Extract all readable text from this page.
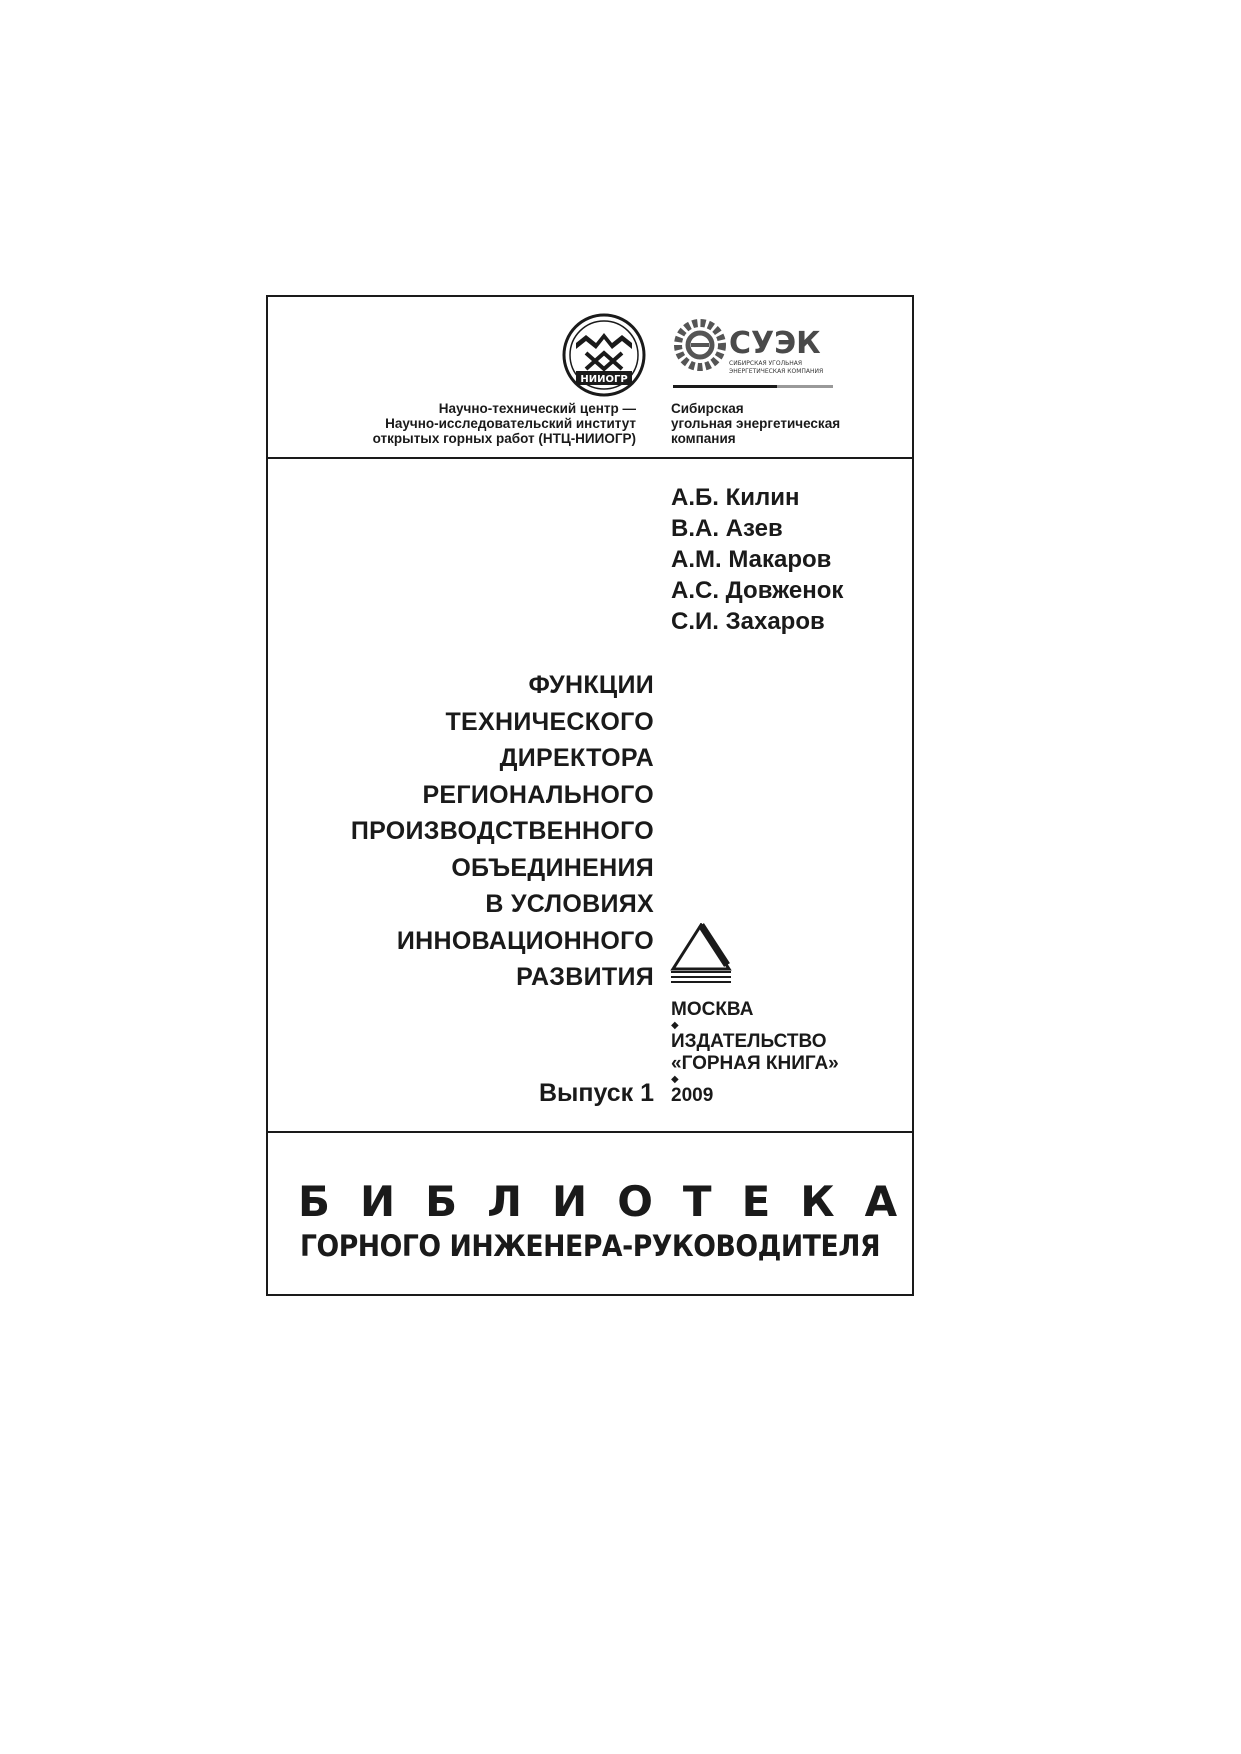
НИИОГР
СУЭК
СИБИРСКАЯ УГОЛЬНАЯ
ЭНЕРГЕТИЧЕСКАЯ КОМПАНИЯ
Научно-технический центр —
Научно-исследовательский институт
открытых горных работ (НТЦ-НИИОГР)
Сибирская
угольная энергетическая
компания
А.Б. Килин
В.А. Азев
А.М. Макаров
А.С. Довженок
С.И. Захаров
ФУНКЦИИ
ТЕХНИЧЕСКОГО
ДИРЕКТОРА
РЕГИОНАЛЬНОГО
ПРОИЗВОДСТВЕННОГО
ОБЪЕДИНЕНИЯ
В УСЛОВИЯХ
ИННОВАЦИОННОГО
РАЗВИТИЯ
МОСКВА
◆
ИЗДАТЕЛЬСТВО
«ГОРНАЯ КНИГА»
◆
2009
Выпуск 1
БИБЛИОТЕКА
ГОРНОГО ИНЖЕНЕРА-РУКОВОДИТЕЛЯ
